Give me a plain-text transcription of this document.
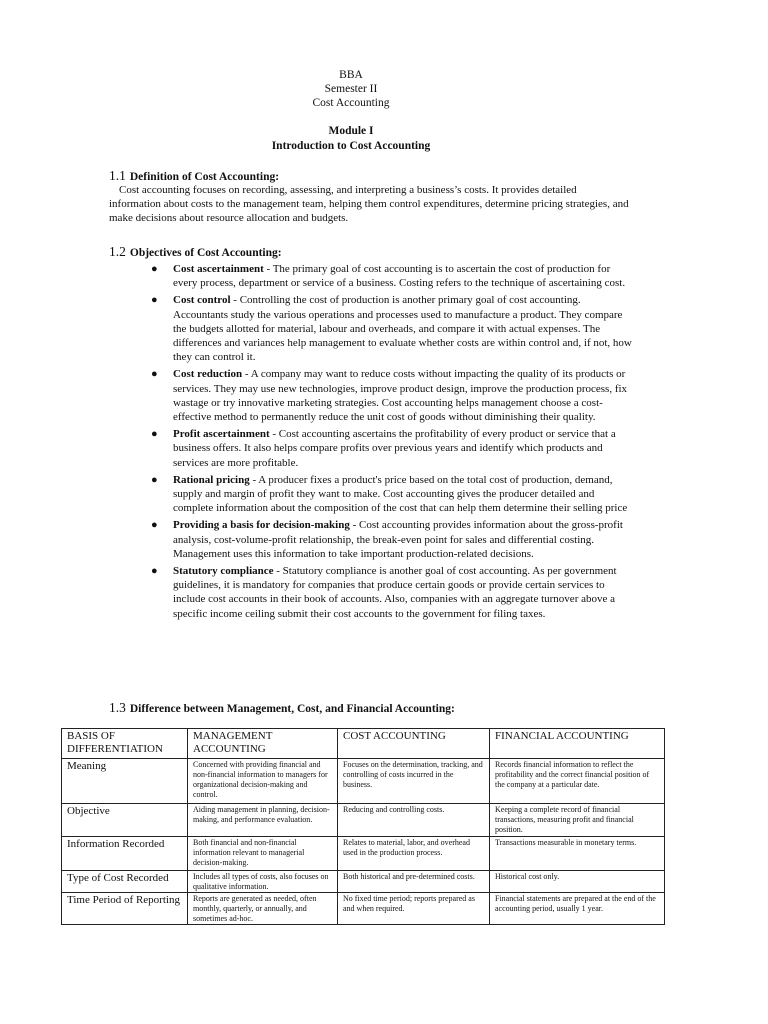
BBA
Semester II
Cost Accounting
Module I
Introduction to Cost Accounting
1.1 Definition of Cost Accounting:
Cost accounting focuses on recording, assessing, and interpreting a business’s costs. It provides detailed information about costs to the management team, helping them control expenditures, determine pricing strategies, and make decisions about resource allocation and budgets.
1.2 Objectives of Cost Accounting:
● Cost ascertainment - The primary goal of cost accounting is to ascertain the cost of production for every process, department or service of a business. Costing refers to the technique of ascertaining cost.
● Cost control - Controlling the cost of production is another primary goal of cost accounting. Accountants study the various operations and processes used to manufacture a product. They compare the budgets allotted for material, labour and overheads, and compare it with actual expenses. The differences and variances help management to evaluate whether costs are within control and, if not, how they can control it.
● Cost reduction - A company may want to reduce costs without impacting the quality of its products or services. They may use new technologies, improve product design, improve the production process, fix wastage or try innovative marketing strategies. Cost accounting helps management choose a cost-effective method to permanently reduce the unit cost of goods without diminishing their quality.
● Profit ascertainment - Cost accounting ascertains the profitability of every product or service that a business offers. It also helps compare profits over previous years and identify which products and services are more profitable.
● Rational pricing - A producer fixes a product's price based on the total cost of production, demand, supply and margin of profit they want to make. Cost accounting gives the producer detailed and complete information about the composition of the cost that can help them determine their selling price
● Providing a basis for decision-making - Cost accounting provides information about the gross-profit analysis, cost-volume-profit relationship, the break-even point for sales and differential costing. Management uses this information to take important production-related decisions.
● Statutory compliance - Statutory compliance is another goal of cost accounting. As per government guidelines, it is mandatory for companies that produce certain goods or provide certain services to include cost accounts in their book of accounts. Also, companies with an aggregate turnover above a specific income ceiling submit their cost accounts to the government for filing taxes.
1.3 Difference between Management, Cost, and Financial Accounting:
BASIS OF DIFFERENTIATION	MANAGEMENT ACCOUNTING	COST ACCOUNTING	FINANCIAL ACCOUNTING
Meaning	Concerned with providing financial and non-financial information to managers for organizational decision-making and control.	Focuses on the determination, tracking, and controlling of costs incurred in the business.	Records financial information to reflect the profitability and the correct financial position of the company at a particular date.
Objective	Aiding management in planning, decision-making, and performance evaluation.	Reducing and controlling costs.	Keeping a complete record of financial transactions, measuring profit and financial position.
Information Recorded	Both financial and non-financial information relevant to managerial decision-making.	Relates to material, labor, and overhead used in the production process.	Transactions measurable in monetary terms.
Type of Cost Recorded	Includes all types of costs, also focuses on qualitative information.	Both historical and pre-determined costs.	Historical cost only.
Time Period of Reporting	Reports are generated as needed, often monthly, quarterly, or annually, and sometimes ad-hoc.	No fixed time period; reports prepared as and when required.	Financial statements are prepared at the end of the accounting period, usually 1 year.
